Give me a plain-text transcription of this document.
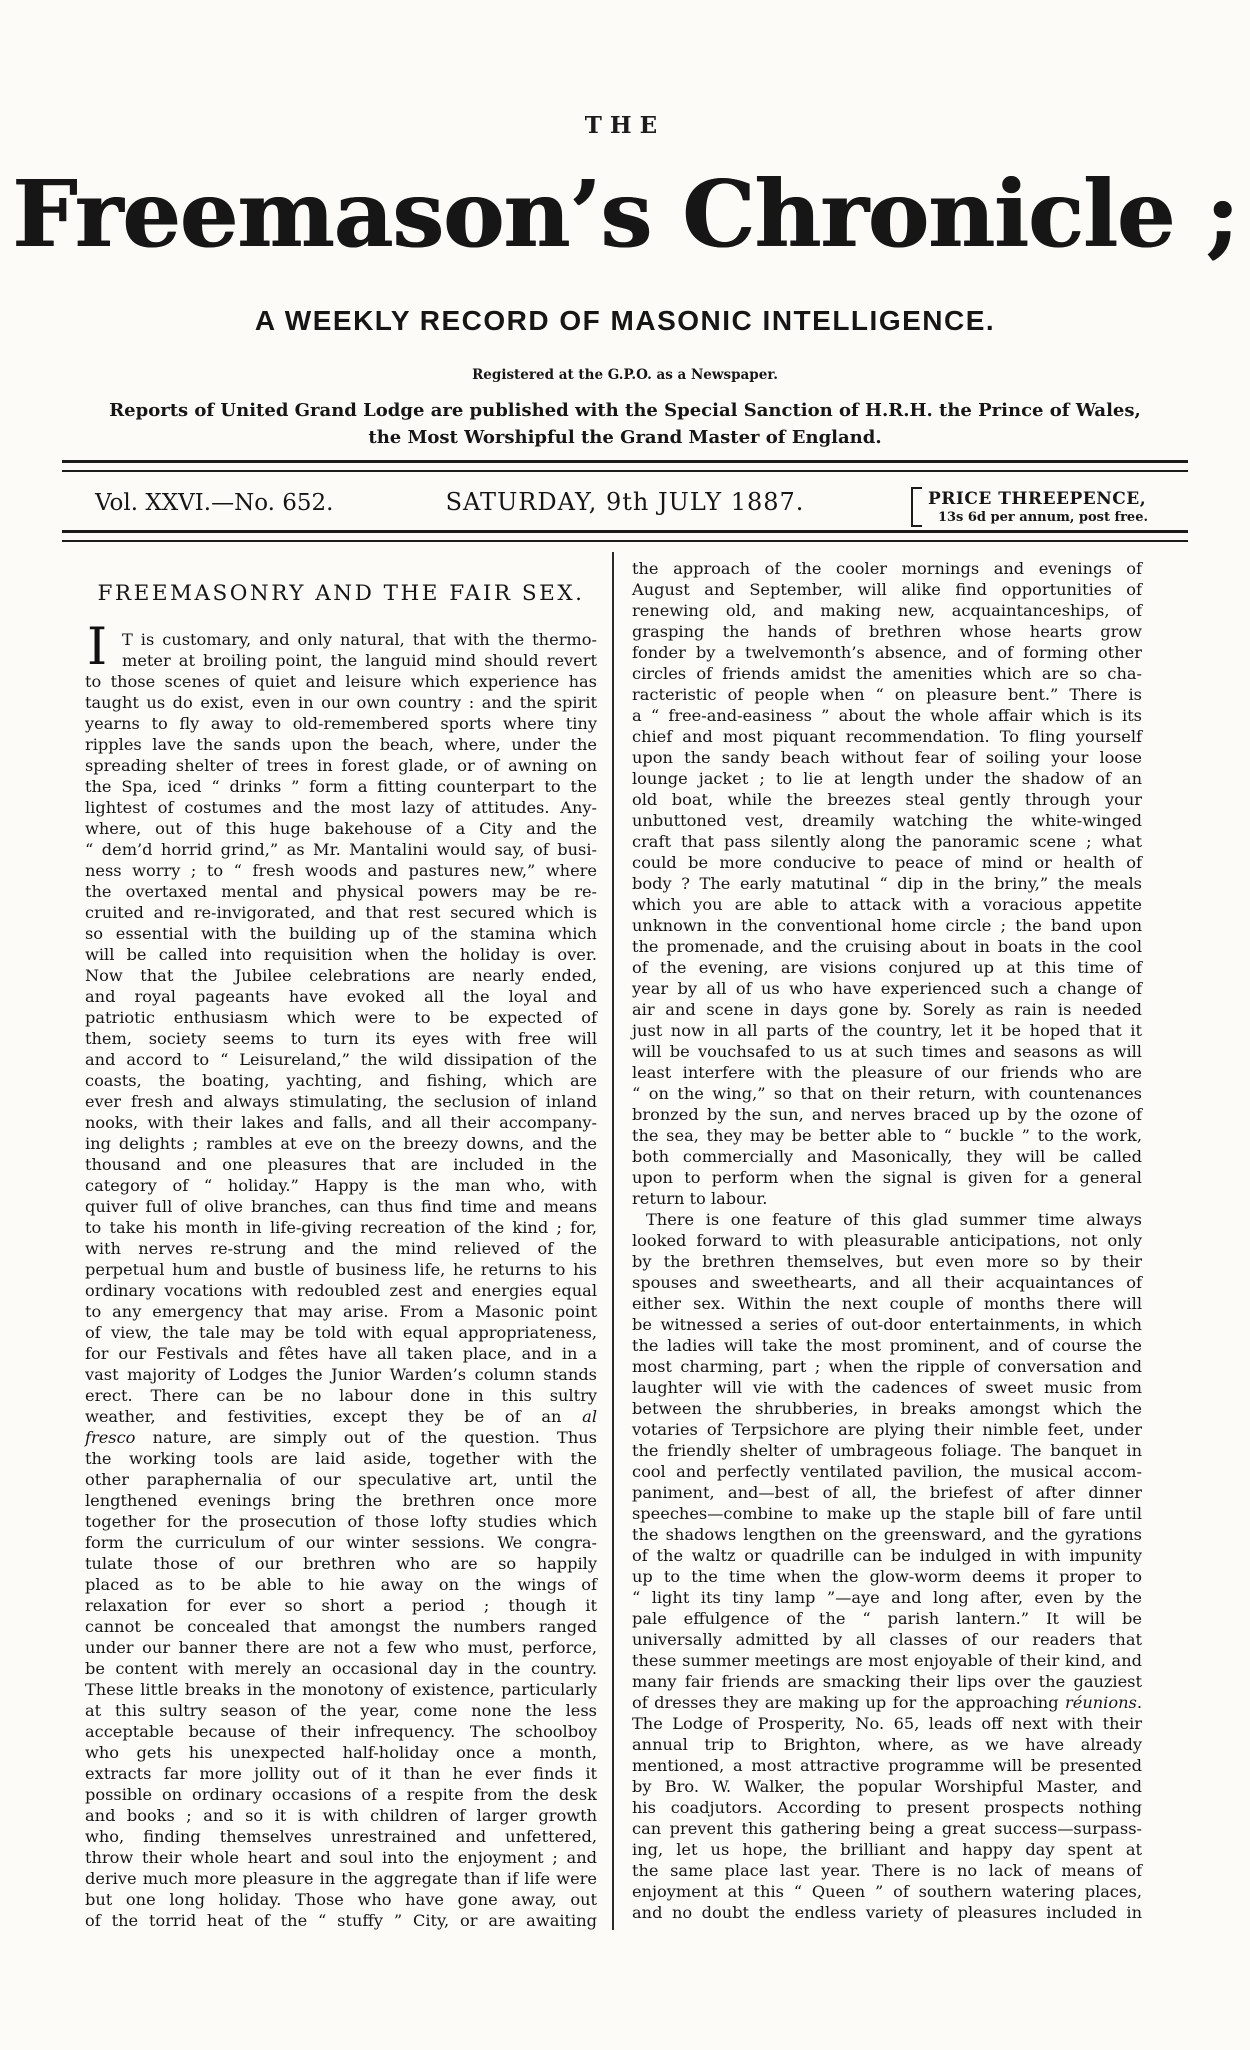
THE
Freemason’s Chronicle ;
A WEEKLY RECORD OF MASONIC INTELLIGENCE.
Registered at the G.P.O. as a Newspaper.
Reports of United Grand Lodge are published with the Special Sanction of H.R.H. the Prince of Wales,
the Most Worshipful the Grand Master of England.
Vol. XXVI.—No. 652.	SATURDAY, 9th JULY 1887.	PRICE THREEPENCE,
13s 6d per annum, post free.
FREEMASONRY AND THE FAIR SEX.
I T is customary, and only natural, that with the thermo-
meter at broiling point, the languid mind should revert
to those scenes of quiet and leisure which experience has
taught us do exist, even in our own country : and the spirit
yearns to fly away to old-remembered sports where tiny
ripples lave the sands upon the beach, where, under the
spreading shelter of trees in forest glade, or of awning on
the Spa, iced “ drinks ” form a fitting counterpart to the
lightest of costumes and the most lazy of attitudes. Any-
where, out of this huge bakehouse of a City and the
“ dem’d horrid grind,” as Mr. Mantalini would say, of busi-
ness worry ; to “ fresh woods and pastures new,” where
the overtaxed mental and physical powers may be re-
cruited and re-invigorated, and that rest secured which is
so essential with the building up of the stamina which
will be called into requisition when the holiday is over.
Now that the Jubilee celebrations are nearly ended,
and royal pageants have evoked all the loyal and
patriotic enthusiasm which were to be expected of
them, society seems to turn its eyes with free will
and accord to “ Leisureland,” the wild dissipation of the
coasts, the boating, yachting, and fishing, which are
ever fresh and always stimulating, the seclusion of inland
nooks, with their lakes and falls, and all their accompany-
ing delights ; rambles at eve on the breezy downs, and the
thousand and one pleasures that are included in the
category of “ holiday.” Happy is the man who, with
quiver full of olive branches, can thus find time and means
to take his month in life-giving recreation of the kind ; for,
with nerves re-strung and the mind relieved of the
perpetual hum and bustle of business life, he returns to his
ordinary vocations with redoubled zest and energies equal
to any emergency that may arise. From a Masonic point
of view, the tale may be told with equal appropriateness,
for our Festivals and fêtes have all taken place, and in a
vast majority of Lodges the Junior Warden’s column stands
erect. There can be no labour done in this sultry
weather, and festivities, except they be of an al
fresco nature, are simply out of the question. Thus
the working tools are laid aside, together with the
other paraphernalia of our speculative art, until the
lengthened evenings bring the brethren once more
together for the prosecution of those lofty studies which
form the curriculum of our winter sessions. We congra-
tulate those of our brethren who are so happily
placed as to be able to hie away on the wings of
relaxation for ever so short a period ; though it
cannot be concealed that amongst the numbers ranged
under our banner there are not a few who must, perforce,
be content with merely an occasional day in the country.
These little breaks in the monotony of existence, particularly
at this sultry season of the year, come none the less
acceptable because of their infrequency. The schoolboy
who gets his unexpected half-holiday once a month,
extracts far more jollity out of it than he ever finds it
possible on ordinary occasions of a respite from the desk
and books ; and so it is with children of larger growth
who, finding themselves unrestrained and unfettered,
throw their whole heart and soul into the enjoyment ; and
derive much more pleasure in the aggregate than if life were
but one long holiday. Those who have gone away, out
of the torrid heat of the “ stuffy ” City, or are awaiting
the approach of the cooler mornings and evenings of
August and September, will alike find opportunities of
renewing old, and making new, acquaintanceships, of
grasping the hands of brethren whose hearts grow
fonder by a twelvemonth’s absence, and of forming other
circles of friends amidst the amenities which are so cha-
racteristic of people when “ on pleasure bent.” There is
a “ free-and-easiness ” about the whole affair which is its
chief and most piquant recommendation. To fling yourself
upon the sandy beach without fear of soiling your loose
lounge jacket ; to lie at length under the shadow of an
old boat, while the breezes steal gently through your
unbuttoned vest, dreamily watching the white-winged
craft that pass silently along the panoramic scene ; what
could be more conducive to peace of mind or health of
body ? The early matutinal “ dip in the briny,” the meals
which you are able to attack with a voracious appetite
unknown in the conventional home circle ; the band upon
the promenade, and the cruising about in boats in the cool
of the evening, are visions conjured up at this time of
year by all of us who have experienced such a change of
air and scene in days gone by. Sorely as rain is needed
just now in all parts of the country, let it be hoped that it
will be vouchsafed to us at such times and seasons as will
least interfere with the pleasure of our friends who are
“ on the wing,” so that on their return, with countenances
bronzed by the sun, and nerves braced up by the ozone of
the sea, they may be better able to “ buckle ” to the work,
both commercially and Masonically, they will be called
upon to perform when the signal is given for a general
return to labour.
There is one feature of this glad summer time always
looked forward to with pleasurable anticipations, not only
by the brethren themselves, but even more so by their
spouses and sweethearts, and all their acquaintances of
either sex. Within the next couple of months there will
be witnessed a series of out-door entertainments, in which
the ladies will take the most prominent, and of course the
most charming, part ; when the ripple of conversation and
laughter will vie with the cadences of sweet music from
between the shrubberies, in breaks amongst which the
votaries of Terpsichore are plying their nimble feet, under
the friendly shelter of umbrageous foliage. The banquet in
cool and perfectly ventilated pavilion, the musical accom-
paniment, and—best of all, the briefest of after dinner
speeches—combine to make up the staple bill of fare until
the shadows lengthen on the greensward, and the gyrations
of the waltz or quadrille can be indulged in with impunity
up to the time when the glow-worm deems it proper to
“ light its tiny lamp ”—aye and long after, even by the
pale effulgence of the “ parish lantern.” It will be
universally admitted by all classes of our readers that
these summer meetings are most enjoyable of their kind, and
many fair friends are smacking their lips over the gauziest
of dresses they are making up for the approaching réunions.
The Lodge of Prosperity, No. 65, leads off next with their
annual trip to Brighton, where, as we have already
mentioned, a most attractive programme will be presented
by Bro. W. Walker, the popular Worshipful Master, and
his coadjutors. According to present prospects nothing
can prevent this gathering being a great success—surpass-
ing, let us hope, the brilliant and happy day spent at
the same place last year. There is no lack of means of
enjoyment at this “ Queen ” of southern watering places,
and no doubt the endless variety of pleasures included in
